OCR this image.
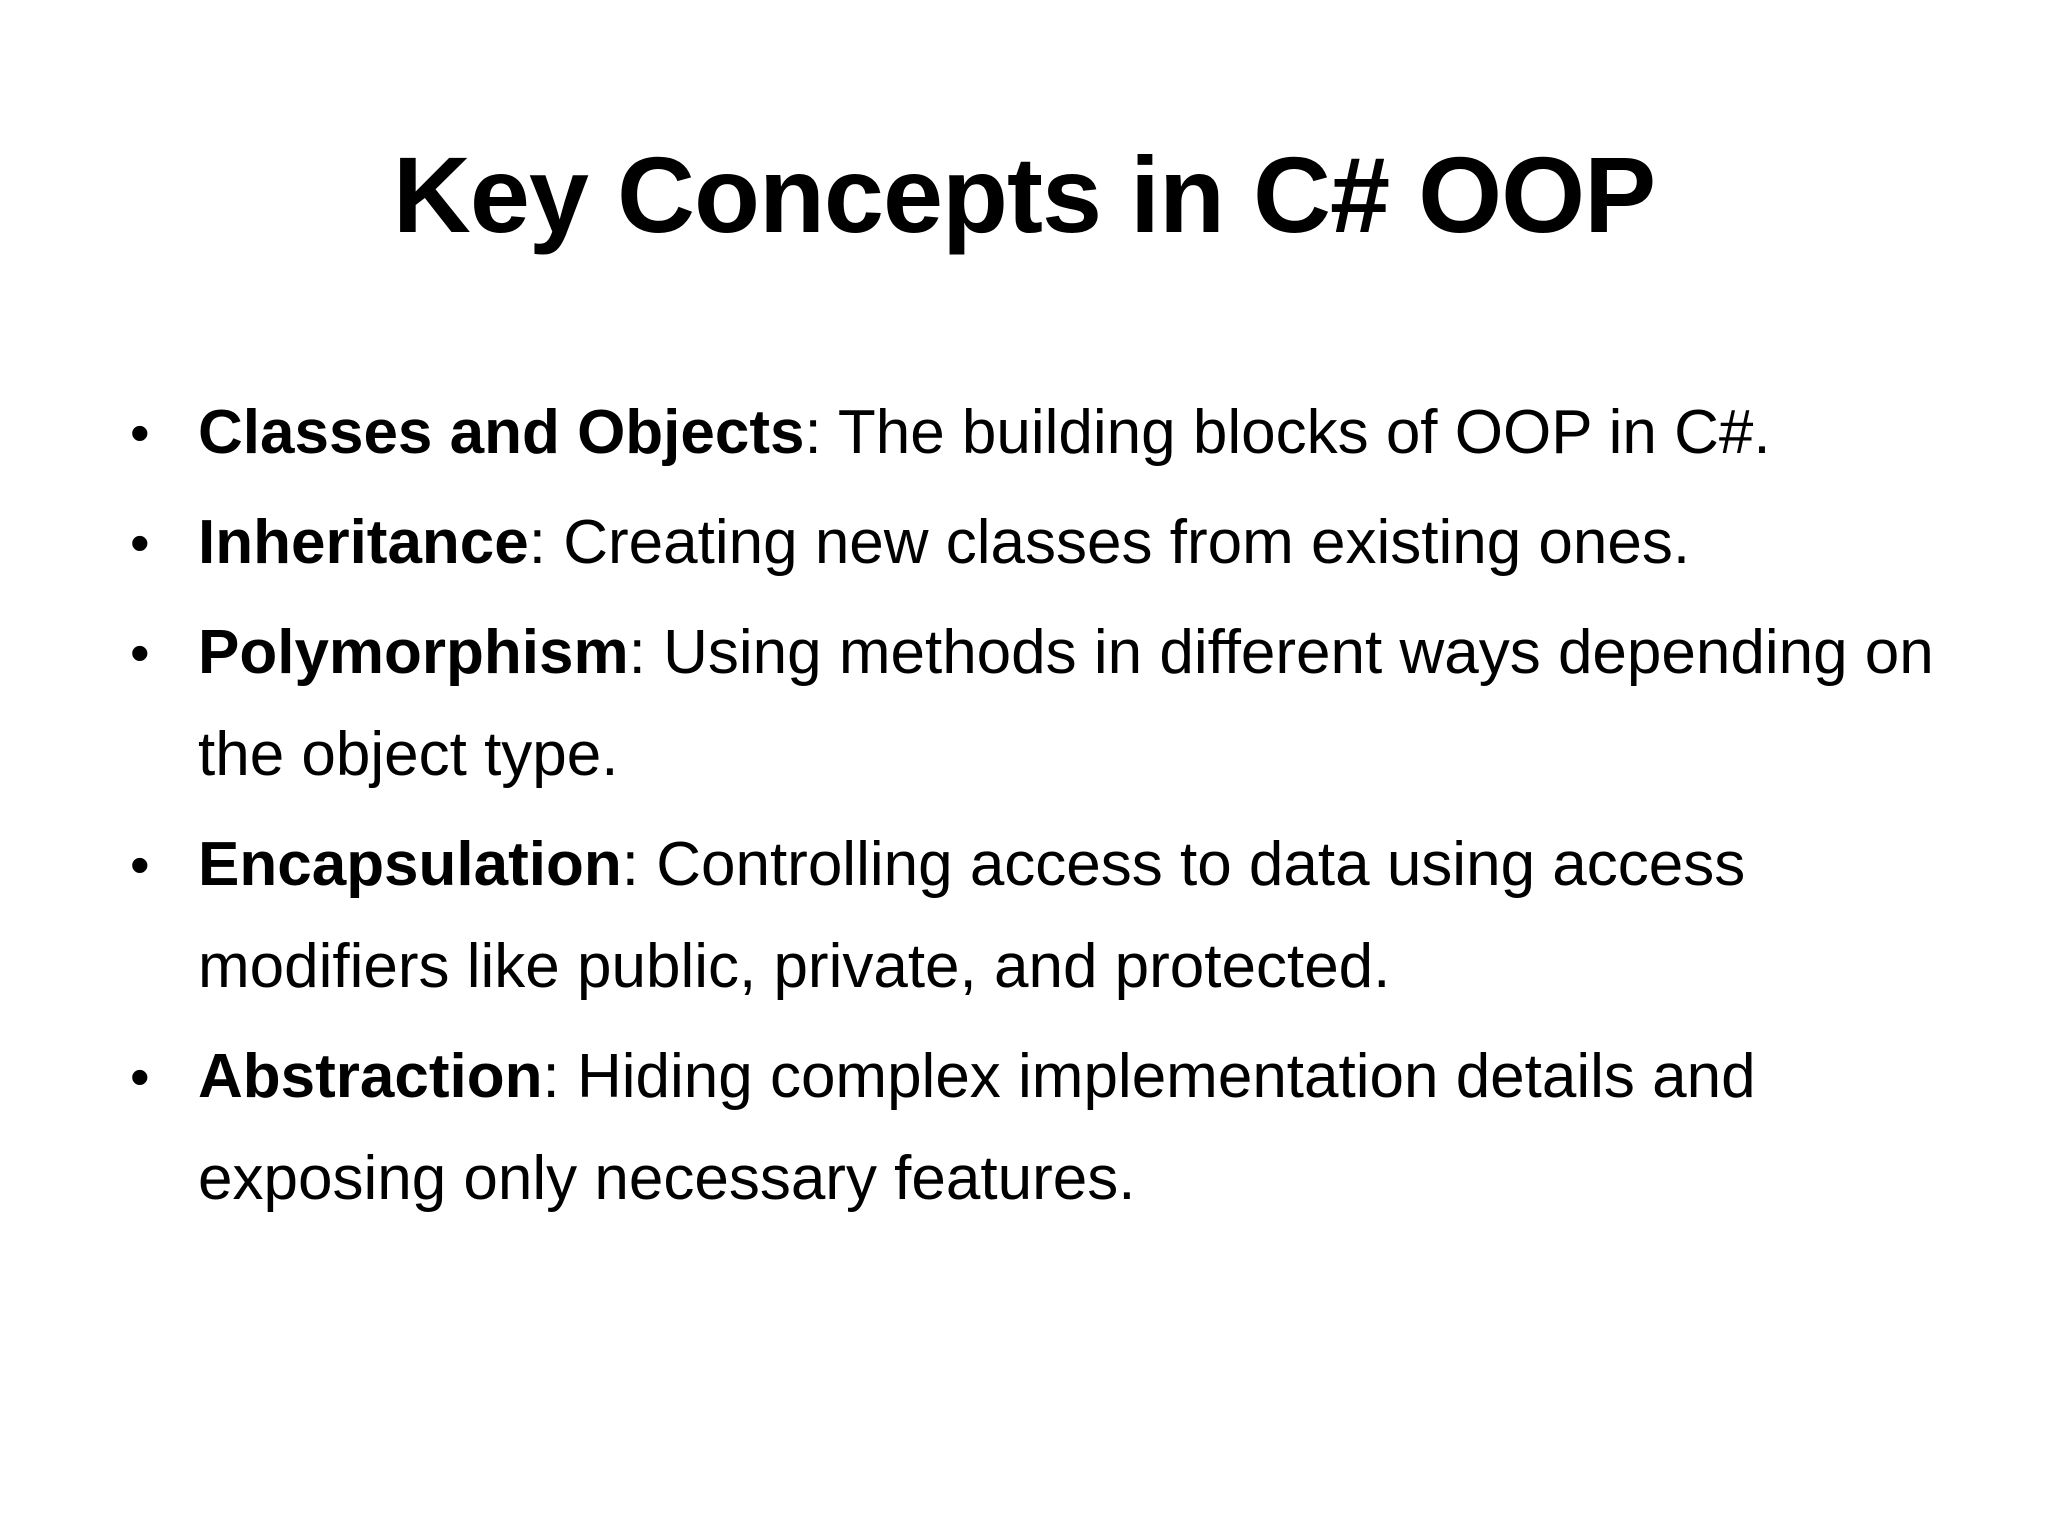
Key Concepts in C# OOP
• Classes and Objects: The building blocks of OOP in C#.
• Inheritance: Creating new classes from existing ones.
• Polymorphism: Using methods in different ways depending on the object type.
• Encapsulation: Controlling access to data using access modifiers like public, private, and protected.
• Abstraction: Hiding complex implementation details and exposing only necessary features.
